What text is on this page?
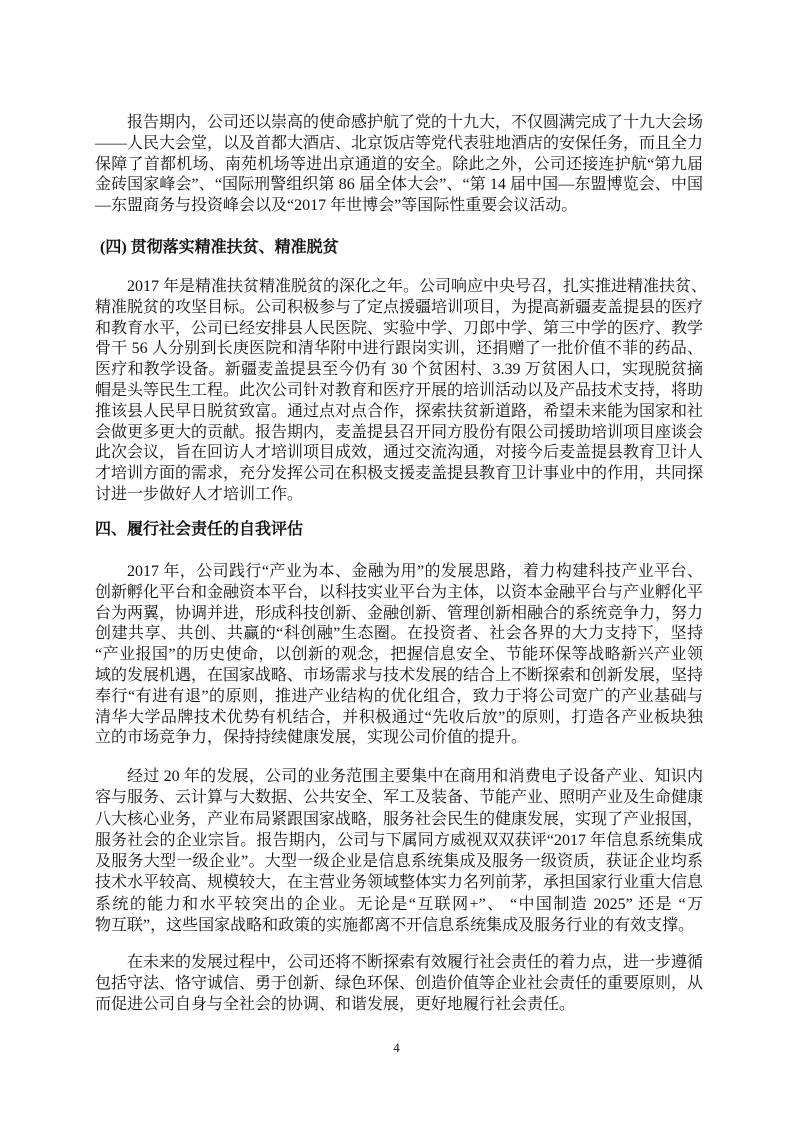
报告期内，公司还以崇高的使命感护航了党的十九大，不仅圆满完成了十九大会场
——人民大会堂，以及首都大酒店、北京饭店等党代表驻地酒店的安保任务，而且全力
保障了首都机场、南苑机场等进出京通道的安全。除此之外，公司还接连护航“第九届
金砖国家峰会”、“国际刑警组织第 86 届全体大会”、“第 14 届中国—东盟博览会、中国
—东盟商务与投资峰会以及“2017 年世博会”等国际性重要会议活动。
(四) 贯彻落实精准扶贫、精准脱贫
2017 年是精准扶贫精准脱贫的深化之年。公司响应中央号召，扎实推进精准扶贫、
精准脱贫的攻坚目标。公司积极参与了定点援疆培训项目，为提高新疆麦盖提县的医疗
和教育水平，公司已经安排县人民医院、实验中学、刀郎中学、第三中学的医疗、教学
骨干 56 人分别到长庚医院和清华附中进行跟岗实训，还捐赠了一批价值不菲的药品、
医疗和教学设备。新疆麦盖提县至今仍有 30 个贫困村、3.39 万贫困人口，实现脱贫摘
帽是头等民生工程。此次公司针对教育和医疗开展的培训活动以及产品技术支持，将助
推该县人民早日脱贫致富。通过点对点合作，探索扶贫新道路，希望未来能为国家和社
会做更多更大的贡献。报告期内，麦盖提县召开同方股份有限公司援助培训项目座谈会
此次会议，旨在回访人才培训项目成效，通过交流沟通，对接今后麦盖提县教育卫计人
才培训方面的需求，充分发挥公司在积极支援麦盖提县教育卫计事业中的作用，共同探
讨进一步做好人才培训工作。
四、履行社会责任的自我评估
2017 年，公司践行“产业为本、金融为用”的发展思路，着力构建科技产业平台、
创新孵化平台和金融资本平台，以科技实业平台为主体，以资本金融平台与产业孵化平
台为两翼，协调并进，形成科技创新、金融创新、管理创新相融合的系统竞争力，努力
创建共享、共创、共赢的“科创融”生态圈。在投资者、社会各界的大力支持下，坚持
“产业报国”的历史使命，以创新的观念，把握信息安全、节能环保等战略新兴产业领
域的发展机遇，在国家战略、市场需求与技术发展的结合上不断探索和创新发展，坚持
奉行“有进有退”的原则，推进产业结构的优化组合，致力于将公司宽广的产业基础与
清华大学品牌技术优势有机结合，并积极通过“先收后放”的原则，打造各产业板块独
立的市场竞争力，保持持续健康发展，实现公司价值的提升。
经过 20 年的发展，公司的业务范围主要集中在商用和消费电子设备产业、知识内
容与服务、云计算与大数据、公共安全、军工及装备、节能产业、照明产业及生命健康
八大核心业务，产业布局紧跟国家战略，服务社会民生的健康发展，实现了产业报国，
服务社会的企业宗旨。报告期内，公司与下属同方威视双双获评“2017 年信息系统集成
及服务大型一级企业”。大型一级企业是信息系统集成及服务一级资质，获证企业均系
技术水平较高、规模较大，在主营业务领域整体实力名列前茅，承担国家行业重大信息
系统的能力和水平较突出的企业。无论是“互联网+”、 “中国制造 2025” 还是 “万
物互联”，这些国家战略和政策的实施都离不开信息系统集成及服务行业的有效支撑。
在未来的发展过程中，公司还将不断探索有效履行社会责任的着力点，进一步遵循
包括守法、恪守诚信、勇于创新、绿色环保、创造价值等企业社会责任的重要原则，从
而促进公司自身与全社会的协调、和谐发展，更好地履行社会责任。
4
